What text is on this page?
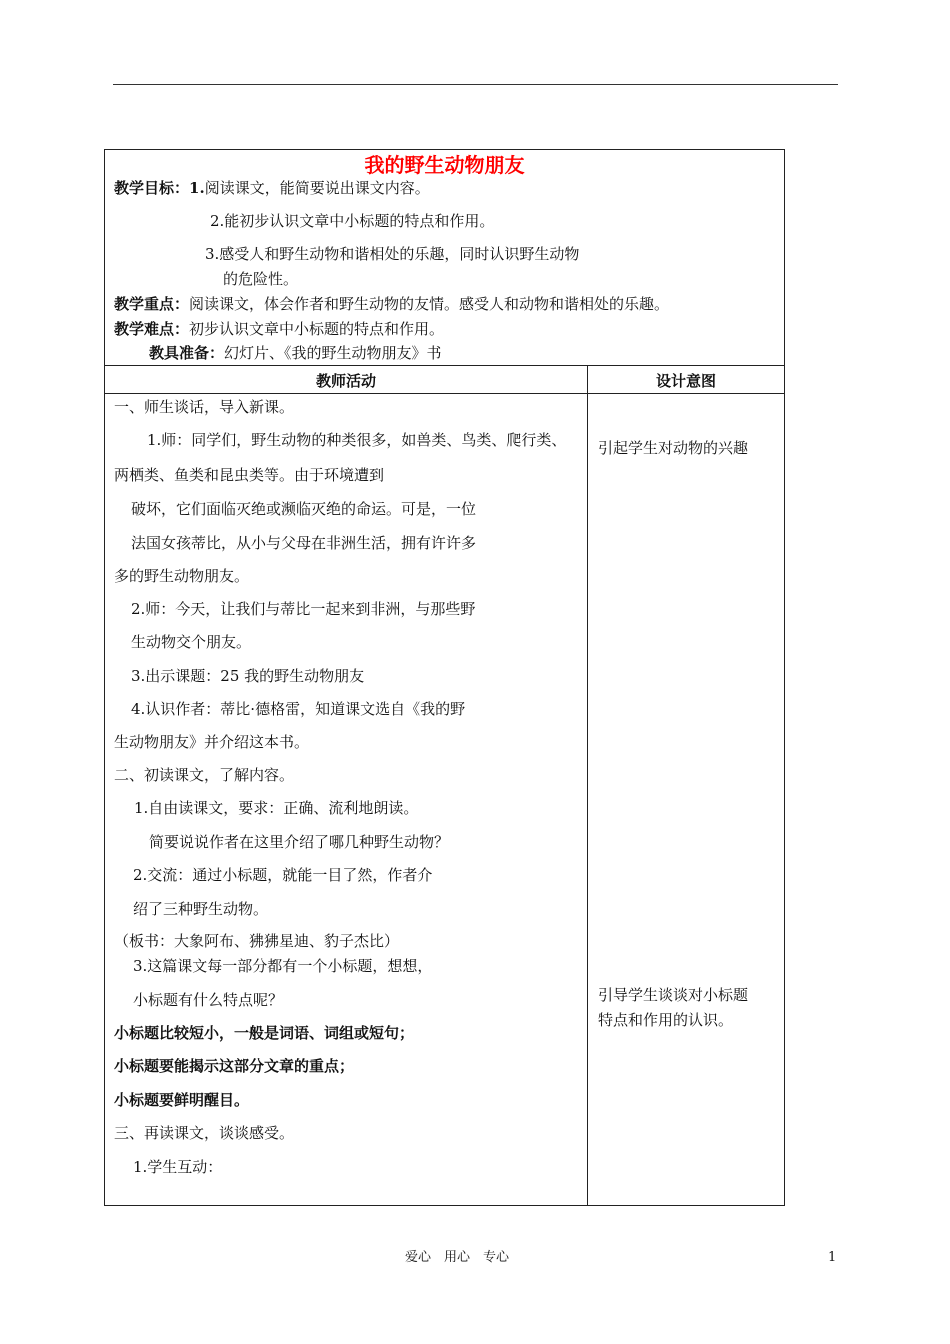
我的野生动物朋友
教学目标：1.阅读课文，能简要说出课文内容。
2.能初步认识文章中小标题的特点和作用。
3.感受人和野生动物和谐相处的乐趣，同时认识野生动物
的危险性。
教学重点：阅读课文，体会作者和野生动物的友情。感受人和动物和谐相处的乐趣。
教学难点：初步认识文章中小标题的特点和作用。
教具准备：幻灯片、《我的野生动物朋友》书
教师活动	设计意图
一、师生谈话，导入新课。
1.师：同学们，野生动物的种类很多，如兽类、鸟类、爬行类、
两栖类、鱼类和昆虫类等。由于环境遭到
破坏，它们面临灭绝或濒临灭绝的命运。可是，一位
法国女孩蒂比，从小与父母在非洲生活，拥有许许多
多的野生动物朋友。
2.师：今天，让我们与蒂比一起来到非洲，与那些野
生动物交个朋友。
3.出示课题：25 我的野生动物朋友
4.认识作者：蒂比·德格雷，知道课文选自《我的野
生动物朋友》并介绍这本书。
二、初读课文，了解内容。
1.自由读课文，要求：正确、流利地朗读。
简要说说作者在这里介绍了哪几种野生动物？
2.交流：通过小标题，就能一目了然，作者介
绍了三种野生动物。
（板书：大象阿布、狒狒星迪、豹子杰比）
3.这篇课文每一部分都有一个小标题，想想，
小标题有什么特点呢？
小标题比较短小，一般是词语、词组或短句；
小标题要能揭示这部分文章的重点；
小标题要鲜明醒目。
三、再读课文，谈谈感受。
1.学生互动：
引起学生对动物的兴趣
引导学生谈谈对小标题
特点和作用的认识。
爱心　用心　专心	1
